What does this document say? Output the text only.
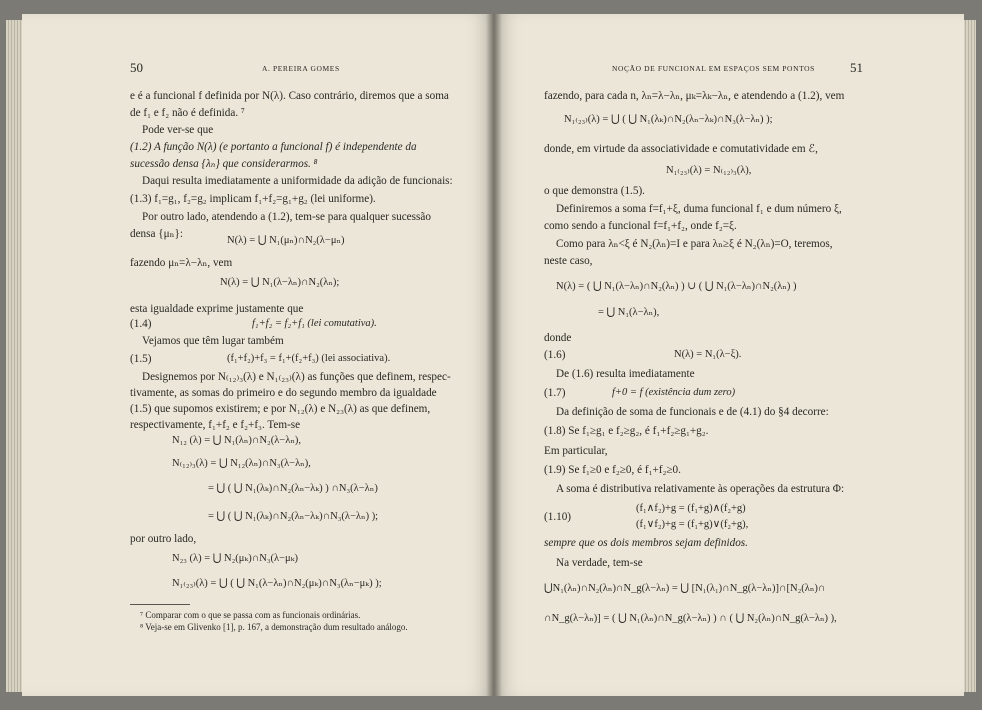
50	A. PEREIRA GOMES
e é a funcional f definida por N(λ). Caso contrário, diremos que a soma
de f₁ e f₂ não é definida. ⁷
Pode ver-se que
(1.2) A função N(λ) (e portanto a funcional f) é independente da
sucessão densa {λₙ} que considerarmos. ⁸
Daqui resulta imediatamente a uniformidade da adição de funcionais:
(1.3) f₁=g₁, f₂=g₂ implicam f₁+f₂=g₁+g₂ (lei uniforme).
Por outro lado, atendendo a (1.2), tem-se para qualquer sucessão
densa {μₙ}:
N(λ) = ⋃ N₁(μₙ)∩N₂(λ−μₙ)
fazendo μₙ=λ−λₙ, vem
N(λ) = ⋃ N₁(λ−λₙ)∩N₂(λₙ);
esta igualdade exprime justamente que
(1.4)	f₁+f₂ = f₂+f₁ (lei comutativa).
Vejamos que têm lugar também
(1.5)	(f₁+f₂)+f₃ = f₁+(f₂+f₃) (lei associativa).
Designemos por N₍₁₂₎₃(λ) e N₁₍₂₃₎(λ) as funções que definem, respec-
tivamente, as somas do primeiro e do segundo membro da igualdade
(1.5) que supomos existirem; e por N₁₂(λ) e N₂₃(λ) as que definem,
respectivamente, f₁+f₂ e f₂+f₃. Tem-se
N₁₂ (λ) = ⋃ N₁(λₙ)∩N₂(λ−λₙ),
N₍₁₂₎₃(λ) = ⋃ N₁₂(λₙ)∩N₃(λ−λₙ),
= ⋃ ( ⋃ N₁(λₖ)∩N₂(λₙ−λₖ) ) ∩N₃(λ−λₙ)
= ⋃ ( ⋃ N₁(λₖ)∩N₂(λₙ−λₖ)∩N₃(λ−λₙ) );
por outro lado,
N₂₃ (λ) = ⋃ N₂(μₖ)∩N₃(λ−μₖ)
N₁₍₂₃₎(λ) = ⋃ ( ⋃ N₁(λ−λₙ)∩N₂(μₖ)∩N₃(λₙ−μₖ) );
⁷ Comparar com o que se passa com as funcionais ordinárias.
⁸ Veja-se em Glivenko [1], p. 167, a demonstração dum resultado análogo.
NOÇÃO DE FUNCIONAL EM ESPAÇOS SEM PONTOS	51
fazendo, para cada n, λₙ=λ−λₙ, μₖ=λₖ−λₙ, e atendendo a (1.2), vem
N₁₍₂₃₎(λ) = ⋃ ( ⋃ N₁(λₖ)∩N₂(λₙ−λₖ)∩N₃(λ−λₙ) );
donde, em virtude da associatividade e comutatividade em ℰ,
N₁₍₂₃₎(λ) = N₍₁₂₎₃(λ),
o que demonstra (1.5).
Definiremos a soma f=f₁+ξ, duma funcional f₁ e dum número ξ,
como sendo a funcional f=f₁+f₂, onde f₂=ξ.
Como para λₙ<ξ é N₂(λₙ)=I e para λₙ≥ξ é N₂(λₙ)=O, teremos,
neste caso,
N(λ) = ( ⋃ N₁(λ−λₙ)∩N₂(λₙ) ) ∪ ( ⋃ N₁(λ−λₙ)∩N₂(λₙ) )
= ⋃ N₁(λ−λₙ),
donde
(1.6)	N(λ) = N₁(λ−ξ).
De (1.6) resulta imediatamente
(1.7)	f+0 = f (existência dum zero)
Da definição de soma de funcionais e de (4.1) do §4 decorre:
(1.8) Se f₁≥g₁ e f₂≥g₂, é f₁+f₂≥g₁+g₂.
Em particular,
(1.9) Se f₁≥0 e f₂≥0, é f₁+f₂≥0.
A soma é distributiva relativamente às operações da estrutura Φ:
(1.10)
(f₁∧f₂)+g = (f₁+g)∧(f₂+g)
(f₁∨f₂)+g = (f₁+g)∨(f₂+g),
sempre que os dois membros sejam definidos.
Na verdade, tem-se
⋃N₁(λₙ)∩N₂(λₙ)∩N_g(λ−λₙ) = ⋃ [N₁(λ₁)∩N_g(λ−λₙ)]∩[N₂(λₙ)∩
∩N_g(λ−λₙ)] = ( ⋃ N₁(λₙ)∩N_g(λ−λₙ) ) ∩ ( ⋃ N₂(λₙ)∩N_g(λ−λₙ) ),
